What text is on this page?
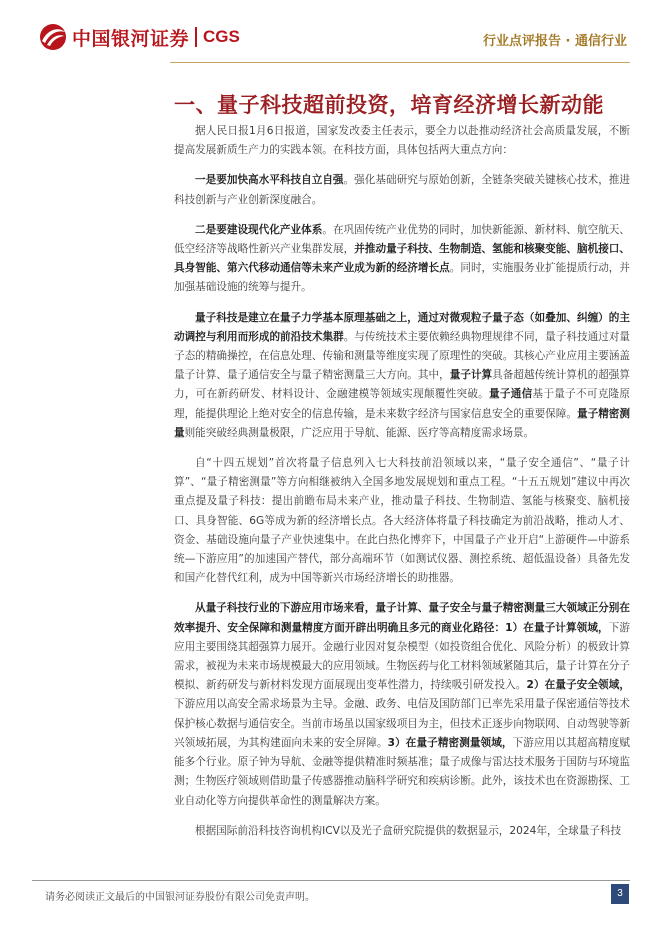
中国银河证券 CGS	行业点评报告 · 通信行业
一、量子科技超前投资，培育经济增长新动能

据人民日报1月6日报道，国家发改委主任表示，要全力以赴推动经济社会高质量发展，不断提高发展新质生产力的实践本领。在科技方面，具体包括两大重点方向：

一是要加快高水平科技自立自强。强化基础研究与原始创新，全链条突破关键核心技术，推进科技创新与产业创新深度融合。

二是要建设现代化产业体系。在巩固传统产业优势的同时，加快新能源、新材料、航空航天、低空经济等战略性新兴产业集群发展，并推动量子科技、生物制造、氢能和核聚变能、脑机接口、具身智能、第六代移动通信等未来产业成为新的经济增长点。同时，实施服务业扩能提质行动，并加强基础设施的统筹与提升。

量子科技是建立在量子力学基本原理基础之上，通过对微观粒子量子态（如叠加、纠缠）的主动调控与利用而形成的前沿技术集群。与传统技术主要依赖经典物理规律不同，量子科技通过对量子态的精确操控，在信息处理、传输和测量等维度实现了原理性的突破。其核心产业应用主要涵盖量子计算、量子通信安全与量子精密测量三大方向。其中，量子计算具备超越传统计算机的超强算力，可在新药研发、材料设计、金融建模等领域实现颠覆性突破。量子通信基于量子不可克隆原理，能提供理论上绝对安全的信息传输，是未来数字经济与国家信息安全的重要保障。量子精密测量则能突破经典测量极限，广泛应用于导航、能源、医疗等高精度需求场景。

自“十四五规划”首次将量子信息列入七大科技前沿领域以来，“量子安全通信”、“量子计算”、“量子精密测量”等方向相继被纳入全国多地发展规划和重点工程。“十五五规划”建议中再次重点提及量子科技：提出前瞻布局未来产业，推动量子科技、生物制造、氢能与核聚变、脑机接口、具身智能、6G等成为新的经济增长点。各大经济体将量子科技确定为前沿战略，推动人才、资金、基础设施向量子产业快速集中。在此白热化博弈下，中国量子产业开启“上游硬件—中游系统—下游应用”的加速国产替代，部分高端环节（如测试仪器、测控系统、超低温设备）具备先发和国产化替代红利，成为中国等新兴市场经济增长的助推器。

从量子科技行业的下游应用市场来看，量子计算、量子安全与量子精密测量三大领域正分别在效率提升、安全保障和测量精度方面开辟出明确且多元的商业化路径：1）在量子计算领域，下游应用主要围绕其超强算力展开。金融行业因对复杂模型（如投资组合优化、风险分析）的极致计算需求，被视为未来市场规模最大的应用领域。生物医药与化工材料领域紧随其后，量子计算在分子模拟、新药研发与新材料发现方面展现出变革性潜力，持续吸引研发投入。2）在量子安全领域，下游应用以高安全需求场景为主导。金融、政务、电信及国防部门已率先采用量子保密通信等技术保护核心数据与通信安全。当前市场虽以国家级项目为主，但技术正逐步向物联网、自动驾驶等新兴领域拓展，为其构建面向未来的安全屏障。3）在量子精密测量领域，下游应用以其超高精度赋能多个行业。原子钟为导航、金融等提供精准时频基准；量子成像与雷达技术服务于国防与环境监测；生物医疗领域则借助量子传感器推动脑科学研究和疾病诊断。此外，该技术也在资源勘探、工业自动化等方向提供革命性的测量解决方案。

根据国际前沿科技咨询机构ICV以及光子盒研究院提供的数据显示，2024年，全球量子科技

请务必阅读正文最后的中国银河证券股份有限公司免责声明。	3
